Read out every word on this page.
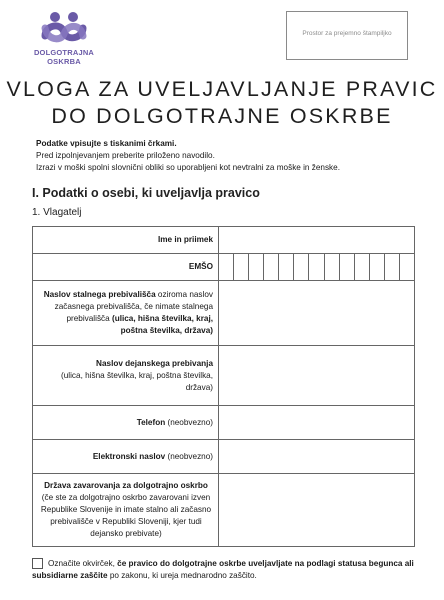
DOLGOTRAJNA
OSKRBA
Prostor za prejemno štampiljko
VLOGA ZA UVELJAVLJANJE PRAVIC
DO DOLGOTRAJNE OSKRBE
Podatke vpisujte s tiskanimi črkami.
Pred izpolnjevanjem preberite priloženo navodilo.
Izrazi v moški spolni slovnični obliki so uporabljeni kot nevtralni za moške in ženske.
I. Podatki o osebi, ki uveljavlja pravico
1. Vlagatelj
Ime in priimek	
EMŠO	

Naslov stalnega prebivališča oziroma naslov začasnega prebivališča, če nimate stalnega prebivališča (ulica, hišna številka, kraj, poštna številka, država)	
Naslov dejanskega prebivanja
(ulica, hišna številka, kraj, poštna številka, država)	
Telefon (neobvezno)	
Elektronski naslov (neobvezno)	
Država zavarovanja za dolgotrajno oskrbo
(če ste za dolgotrajno oskrbo zavarovani izven Republike Slovenije in imate stalno ali začasno prebivališče v Republiki Sloveniji, kjer tudi dejansko prebivate)	
Označite okvirček, če pravico do dolgotrajne oskrbe uveljavljate na podlagi statusa begunca ali subsidiarne zaščite po zakonu, ki ureja mednarodno zaščito.
